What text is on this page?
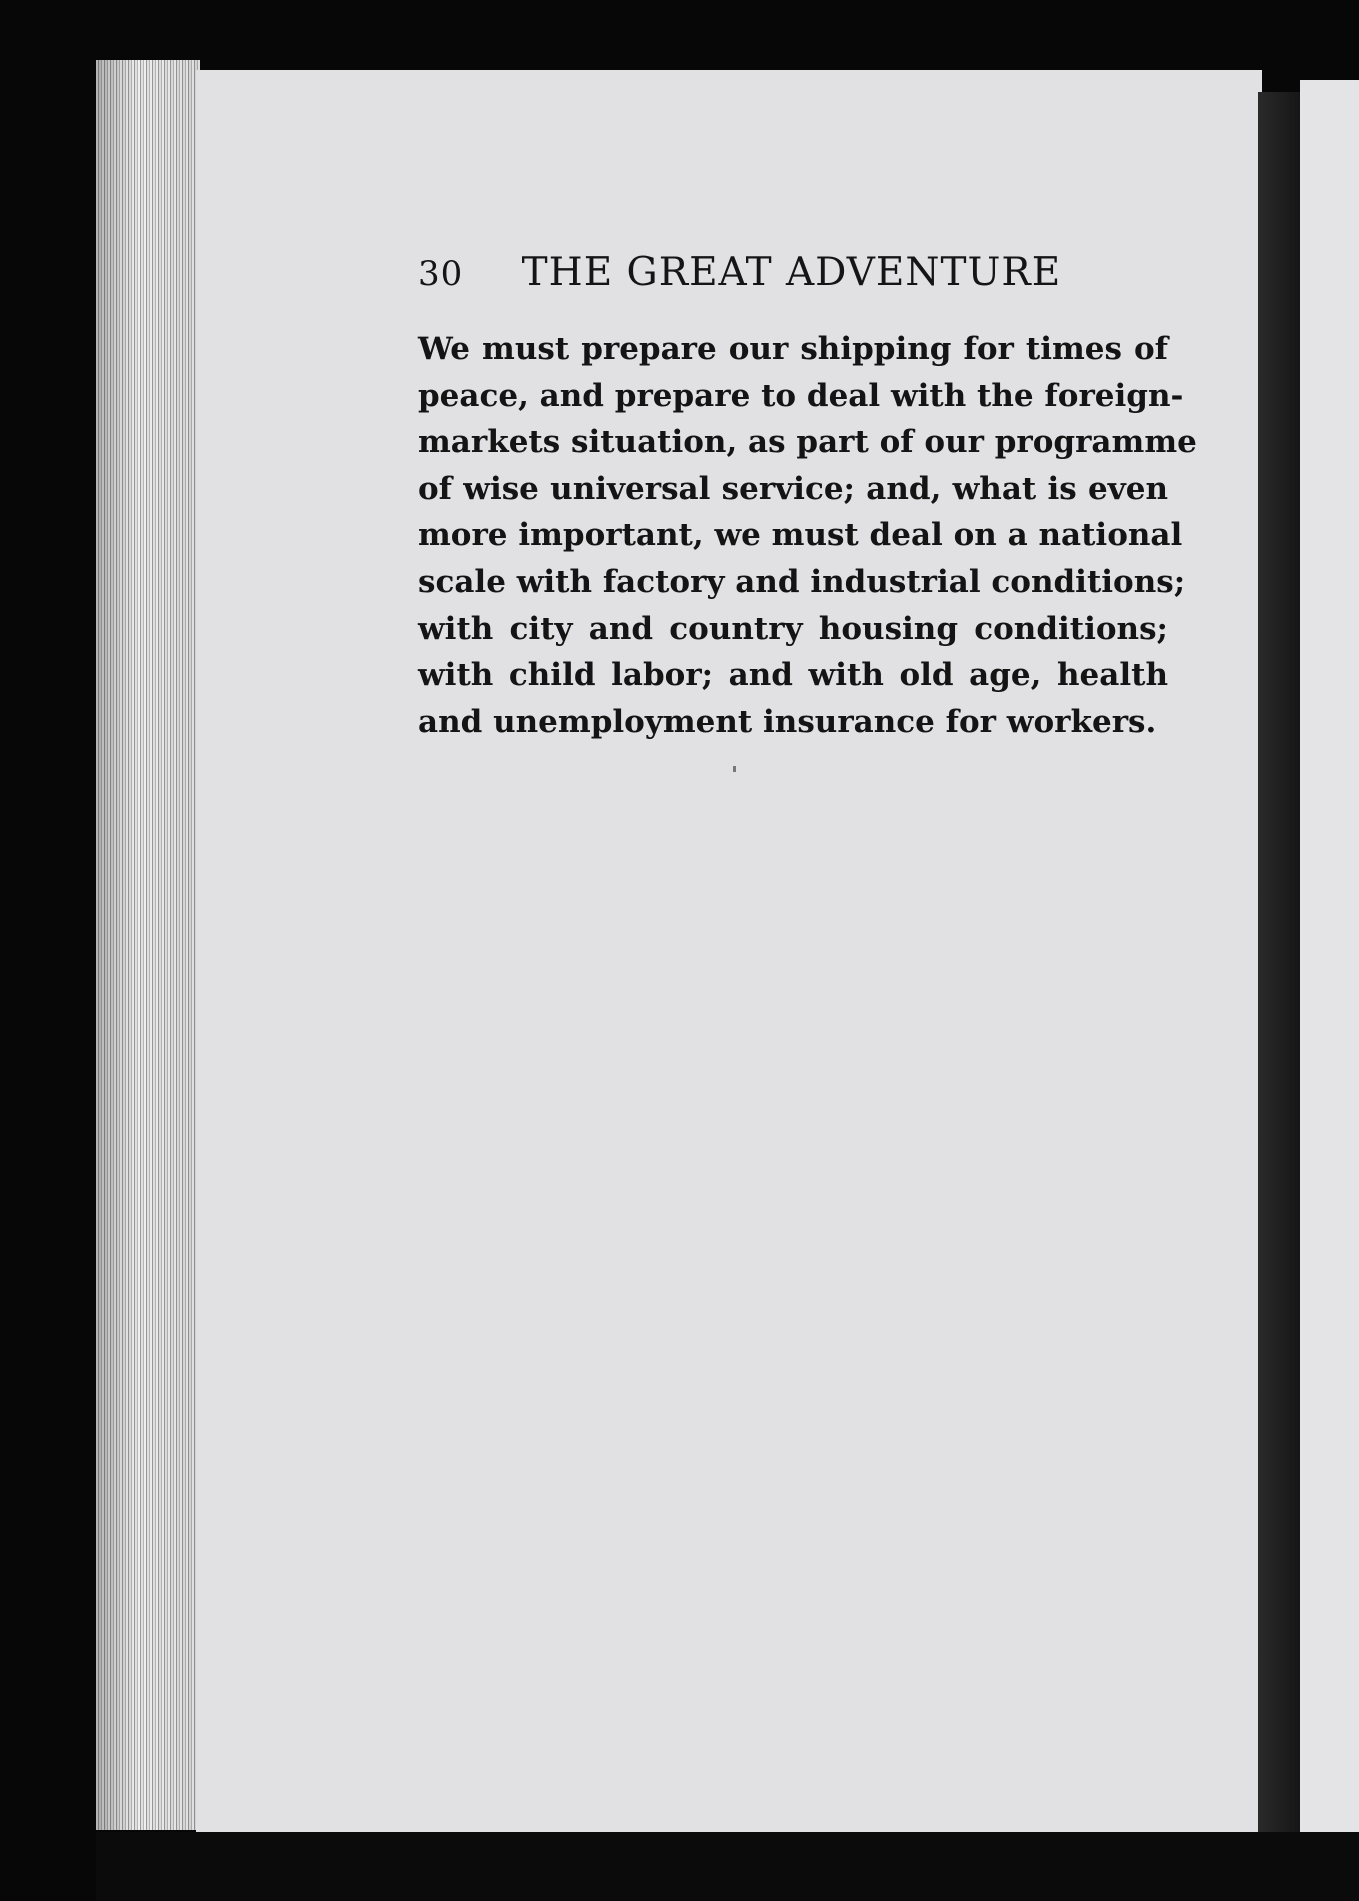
30 THE GREAT ADVENTURE

We must prepare our shipping for times of
peace, and prepare to deal with the foreign-
markets situation, as part of our programme
of wise universal service; and, what is even
more important, we must deal on a national
scale with factory and industrial conditions;
with city and country housing conditions;
with child labor; and with old age, health
and unemployment insurance for workers.
